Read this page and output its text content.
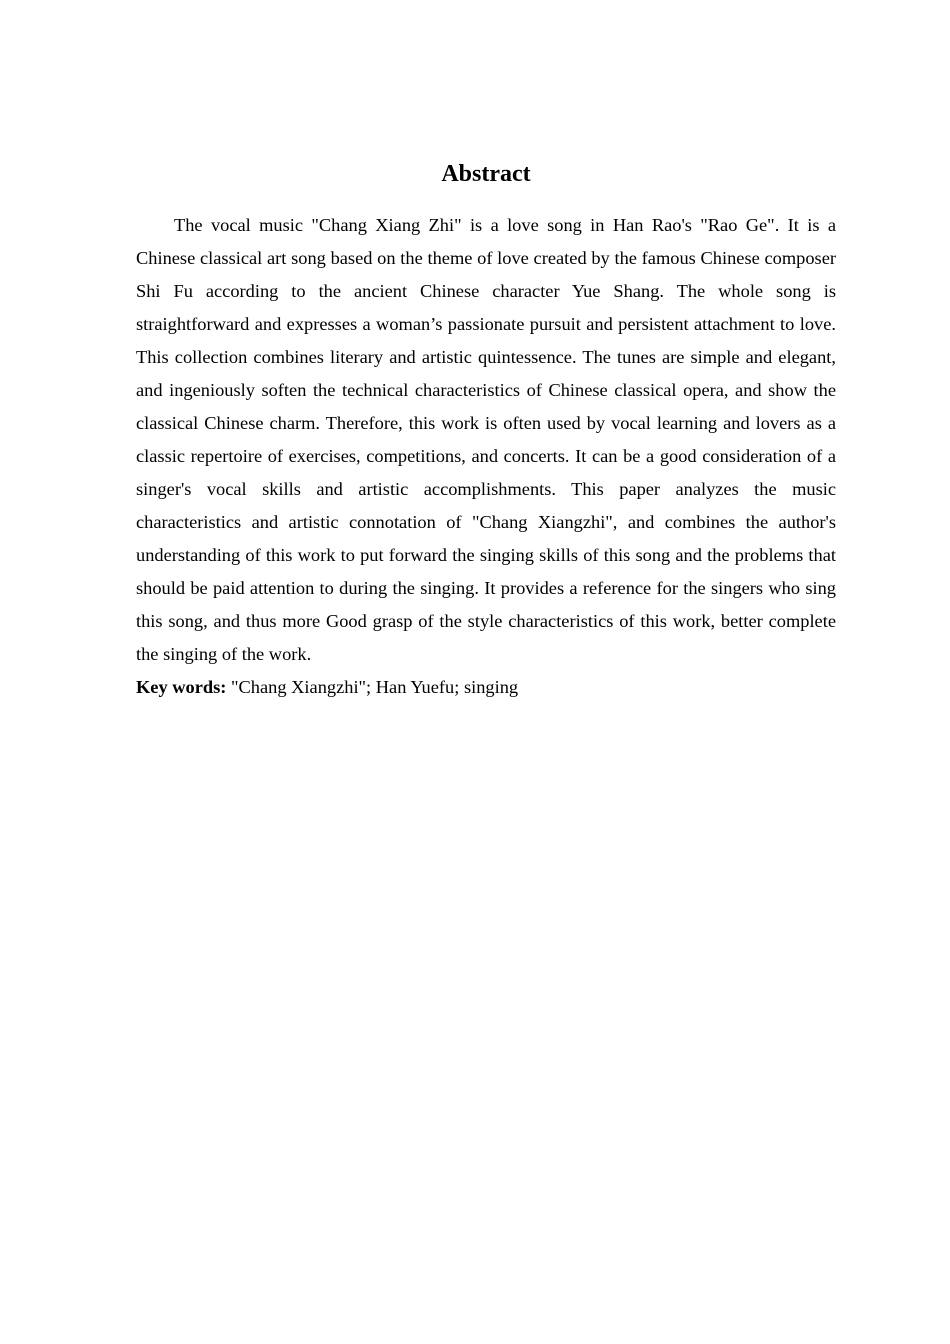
Abstract

The vocal music "Chang Xiang Zhi" is a love song in Han Rao's "Rao Ge". It is a Chinese classical art song based on the theme of love created by the famous Chinese composer Shi Fu according to the ancient Chinese character Yue Shang. The whole song is straightforward and expresses a woman’s passionate pursuit and persistent attachment to love. This collection combines literary and artistic quintessence. The tunes are simple and elegant, and ingeniously soften the technical characteristics of Chinese classical opera, and show the classical Chinese charm. Therefore, this work is often used by vocal learning and lovers as a classic repertoire of exercises, competitions, and concerts. It can be a good consideration of a singer's vocal skills and artistic accomplishments. This paper analyzes the music characteristics and artistic connotation of "Chang Xiangzhi", and combines the author's understanding of this work to put forward the singing skills of this song and the problems that should be paid attention to during the singing. It provides a reference for the singers who sing this song, and thus more Good grasp of the style characteristics of this work, better complete the singing of the work.

Key words: "Chang Xiangzhi"; Han Yuefu; singing
